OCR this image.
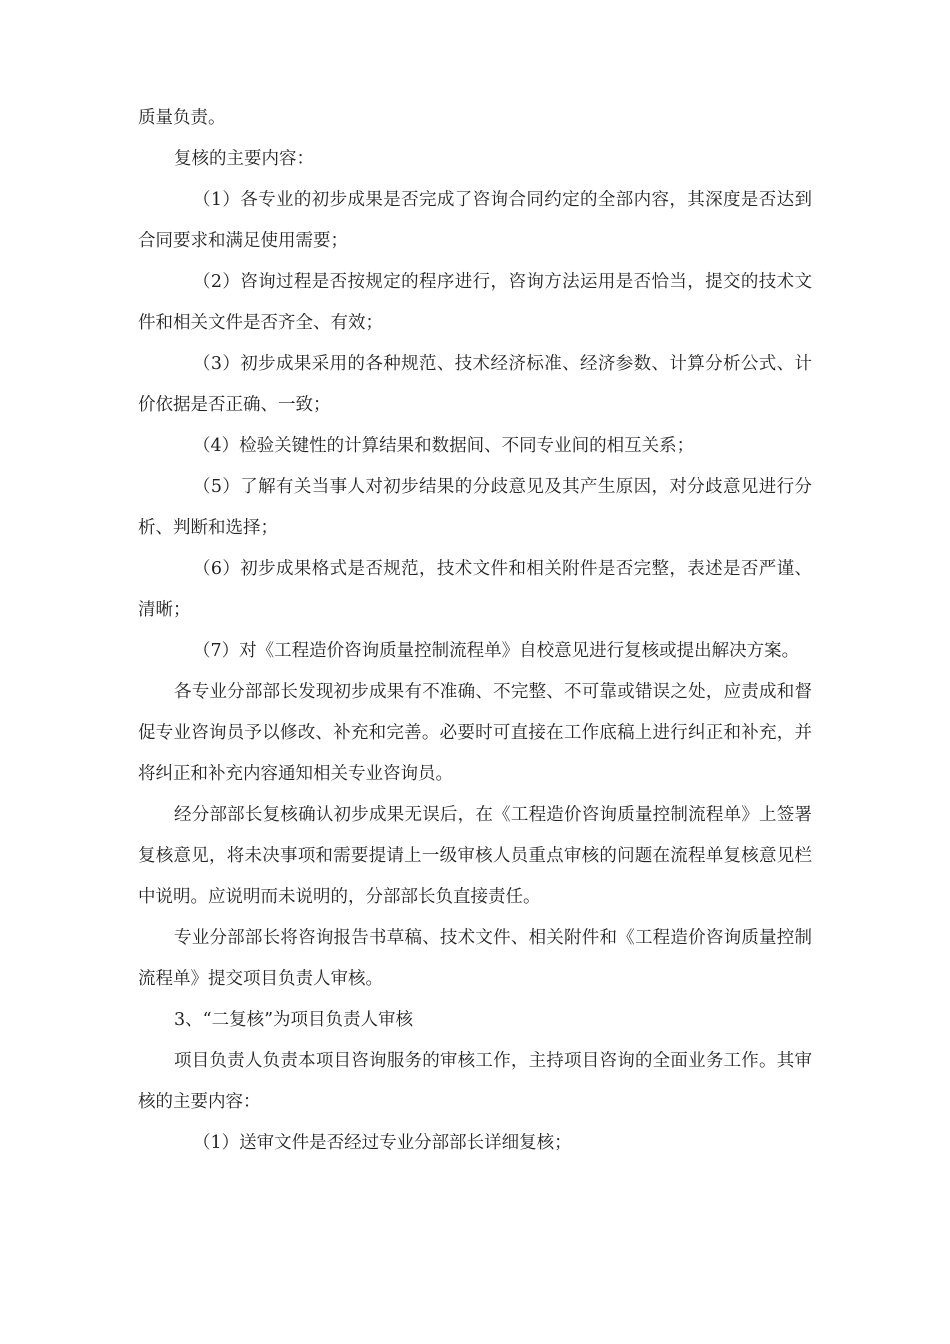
质量负责。

复核的主要内容：

（1）各专业的初步成果是否完成了咨询合同约定的全部内容，其深度是否达到合同要求和满足使用需要；

（2）咨询过程是否按规定的程序进行，咨询方法运用是否恰当，提交的技术文件和相关文件是否齐全、有效；

（3）初步成果采用的各种规范、技术经济标准、经济参数、计算分析公式、计价依据是否正确、一致；

（4）检验关键性的计算结果和数据间、不同专业间的相互关系；

（5）了解有关当事人对初步结果的分歧意见及其产生原因，对分歧意见进行分析、判断和选择；

（6）初步成果格式是否规范，技术文件和相关附件是否完整，表述是否严谨、清晰；

（7）对《工程造价咨询质量控制流程单》自校意见进行复核或提出解决方案。

各专业分部部长发现初步成果有不准确、不完整、不可靠或错误之处，应责成和督促专业咨询员予以修改、补充和完善。必要时可直接在工作底稿上进行纠正和补充，并将纠正和补充内容通知相关专业咨询员。

经分部部长复核确认初步成果无误后，在《工程造价咨询质量控制流程单》上签署复核意见，将未决事项和需要提请上一级审核人员重点审核的问题在流程单复核意见栏中说明。应说明而未说明的，分部部长负直接责任。

专业分部部长将咨询报告书草稿、技术文件、相关附件和《工程造价咨询质量控制流程单》提交项目负责人审核。

3、“二复核”为项目负责人审核

项目负责人负责本项目咨询服务的审核工作，主持项目咨询的全面业务工作。其审核的主要内容：

（1）送审文件是否经过专业分部部长详细复核；
